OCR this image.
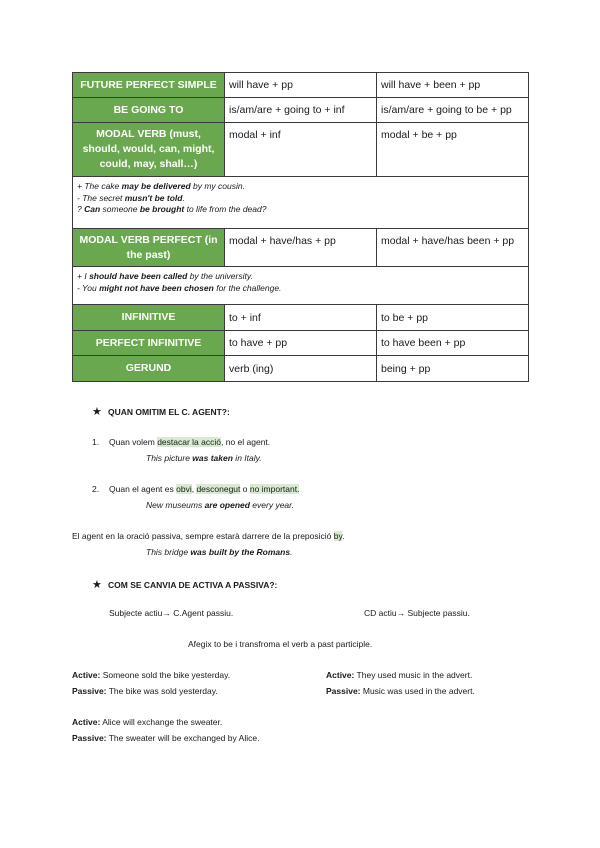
FUTURE PERFECT SIMPLE	will have + pp	will have + been + pp
BE GOING TO	is/am/are + going to + inf	is/am/are + going to be + pp
MODAL VERB (must, should, would, can, might, could, may, shall…)	modal + inf	modal + be + pp

+ The cake may be delivered by my cousin.
- The secret musn't be told.
? Can someone be brought to life from the dead?		

MODAL VERB PERFECT (in the past)	modal + have/has + pp	modal + have/has been + pp

+ I should have been called by the university.
- You might not have been chosen for the challenge.		

INFINITIVE	to + inf	to be + pp
PERFECT INFINITIVE	to have + pp	to have been + pp
GERUND	verb (ing)	being + pp
★ QUAN OMITIM EL C. AGENT?:
1. Quan volem destacar la acció, no el agent.
This picture was taken in Italy.
2. Quan el agent es obvi, desconegut o no important.
New museums are opened every year.
El agent en la oració passiva, sempre estarà darrere de la preposició by.
This bridge was built by the Romans.
★ COM SE CANVIA DE ACTIVA A PASSIVA?:
Subjecte actiu→ C.Agent passiu.	CD actiu→ Subjecte passiu.
Afegix to be i transfroma el verb a past participle.
Active: Someone sold the bike yesterday.
Passive: The bike was sold yesterday.
Active: They used music in the advert.
Passive: Music was used in the advert.
Active: Alice will exchange the sweater.
Passive: The sweater will be exchanged by Alice.
